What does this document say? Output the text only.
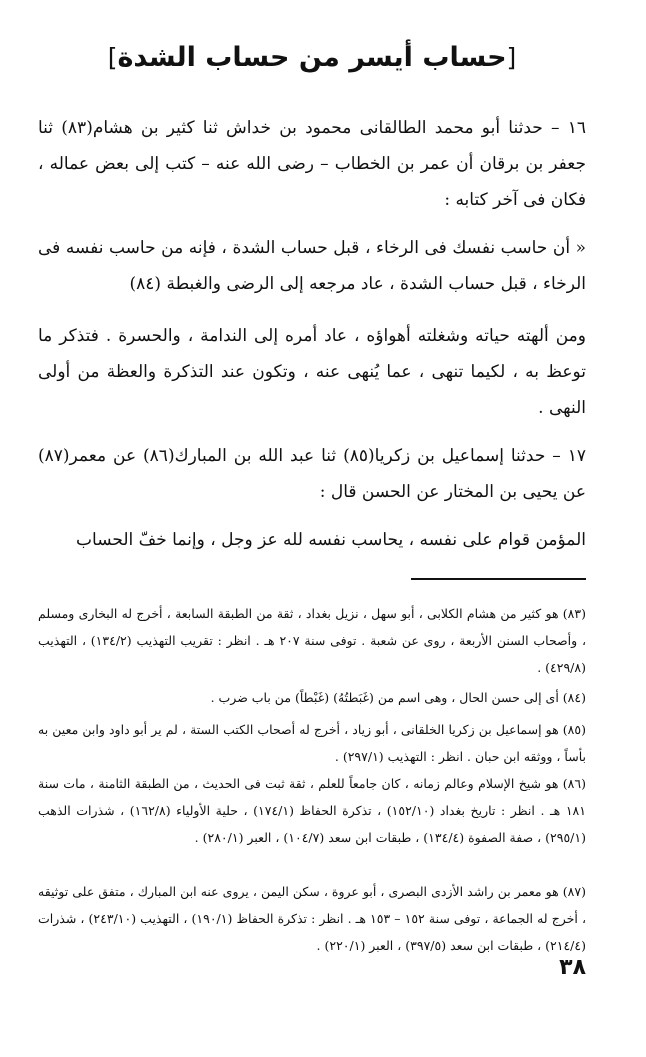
[حساب أيسر من حساب الشدة]

١٦ – حدثنا أبو محمد الطالقانى محمود بن خداش ثنا كثير بن هشام(٨٣) ثنا جعفر بن برقان أن عمر بن الخطاب – رضى الله عنه – كتب إلى بعض عماله ، فكان فى آخر كتابه :

« أن حاسب نفسك فى الرخاء ، قبل حساب الشدة ، فإنه من حاسب نفسه فى الرخاء ، قبل حساب الشدة ، عاد مرجعه إلى الرضى والغبطة (٨٤)

ومن ألهته حياته وشغلته أهواؤه ، عاد أمره إلى الندامة ، والحسرة . فتذكر ما توعظ به ، لكيما تنهى ، عما يُنهى عنه ، وتكون عند التذكرة والعظة من أولى النهى .

١٧ – حدثنا إسماعيل بن زكريا(٨٥) ثنا عبد الله بن المبارك(٨٦) عن معمر(٨٧) عن يحيى بن المختار عن الحسن قال :

المؤمن قوام على نفسه ، يحاسب نفسه لله عز وجل ، وإنما خفّ الحساب

(٨٣) هو كثير من هشام الكلابى ، أبو سهل ، نزيل بغداد ، ثقة من الطبقة السابعة ، أخرج له البخارى ومسلم ، وأصحاب السنن الأربعة ، روى عن شعبة . توفى سنة ٢٠٧ هـ . انظر : تقريب التهذيب (١٣٤/٢) ، التهذيب (٤٢٩/٨) .

(٨٤) أى إلى حسن الحال ، وهى اسم من (غَبَطتُهُ) (غَبْطاً) من باب ضرب .

(٨٥) هو إسماعيل بن زكريا الخلقانى ، أبو زياد ، أخرج له أصحاب الكتب الستة ، لم ير أبو داود وابن معين به بأساً ، ووثقه ابن حبان . انظر : التهذيب (٢٩٧/١) .

(٨٦) هو شيخ الإسلام وعالم زمانه ، كان جامعاً للعلم ، ثقة ثبت فى الحديث ، من الطبقة الثامنة ، مات سنة ١٨١ هـ . انظر : تاريخ بغداد (١٥٢/١٠) ، تذكرة الحفاظ (١٧٤/١) ، حلية الأولياء (١٦٢/٨) ، شذرات الذهب (٢٩٥/١) ، صفة الصفوة (١٣٤/٤) ، طبقات ابن سعد (١٠٤/٧) ، العبر (٢٨٠/١) .

(٨٧) هو معمر بن راشد الأزدى البصرى ، أبو عروة ، سكن اليمن ، يروى عنه ابن المبارك ، متفق على توثيقه ، أخرج له الجماعة ، توفى سنة ١٥٢ – ١٥٣ هـ . انظر : تذكرة الحفاظ (١٩٠/١) ، التهذيب (٢٤٣/١٠) ، شذرات (٢١٤/٤) ، طبقات ابن سعد (٣٩٧/٥) ، العبر (٢٢٠/١) .

٣٨
